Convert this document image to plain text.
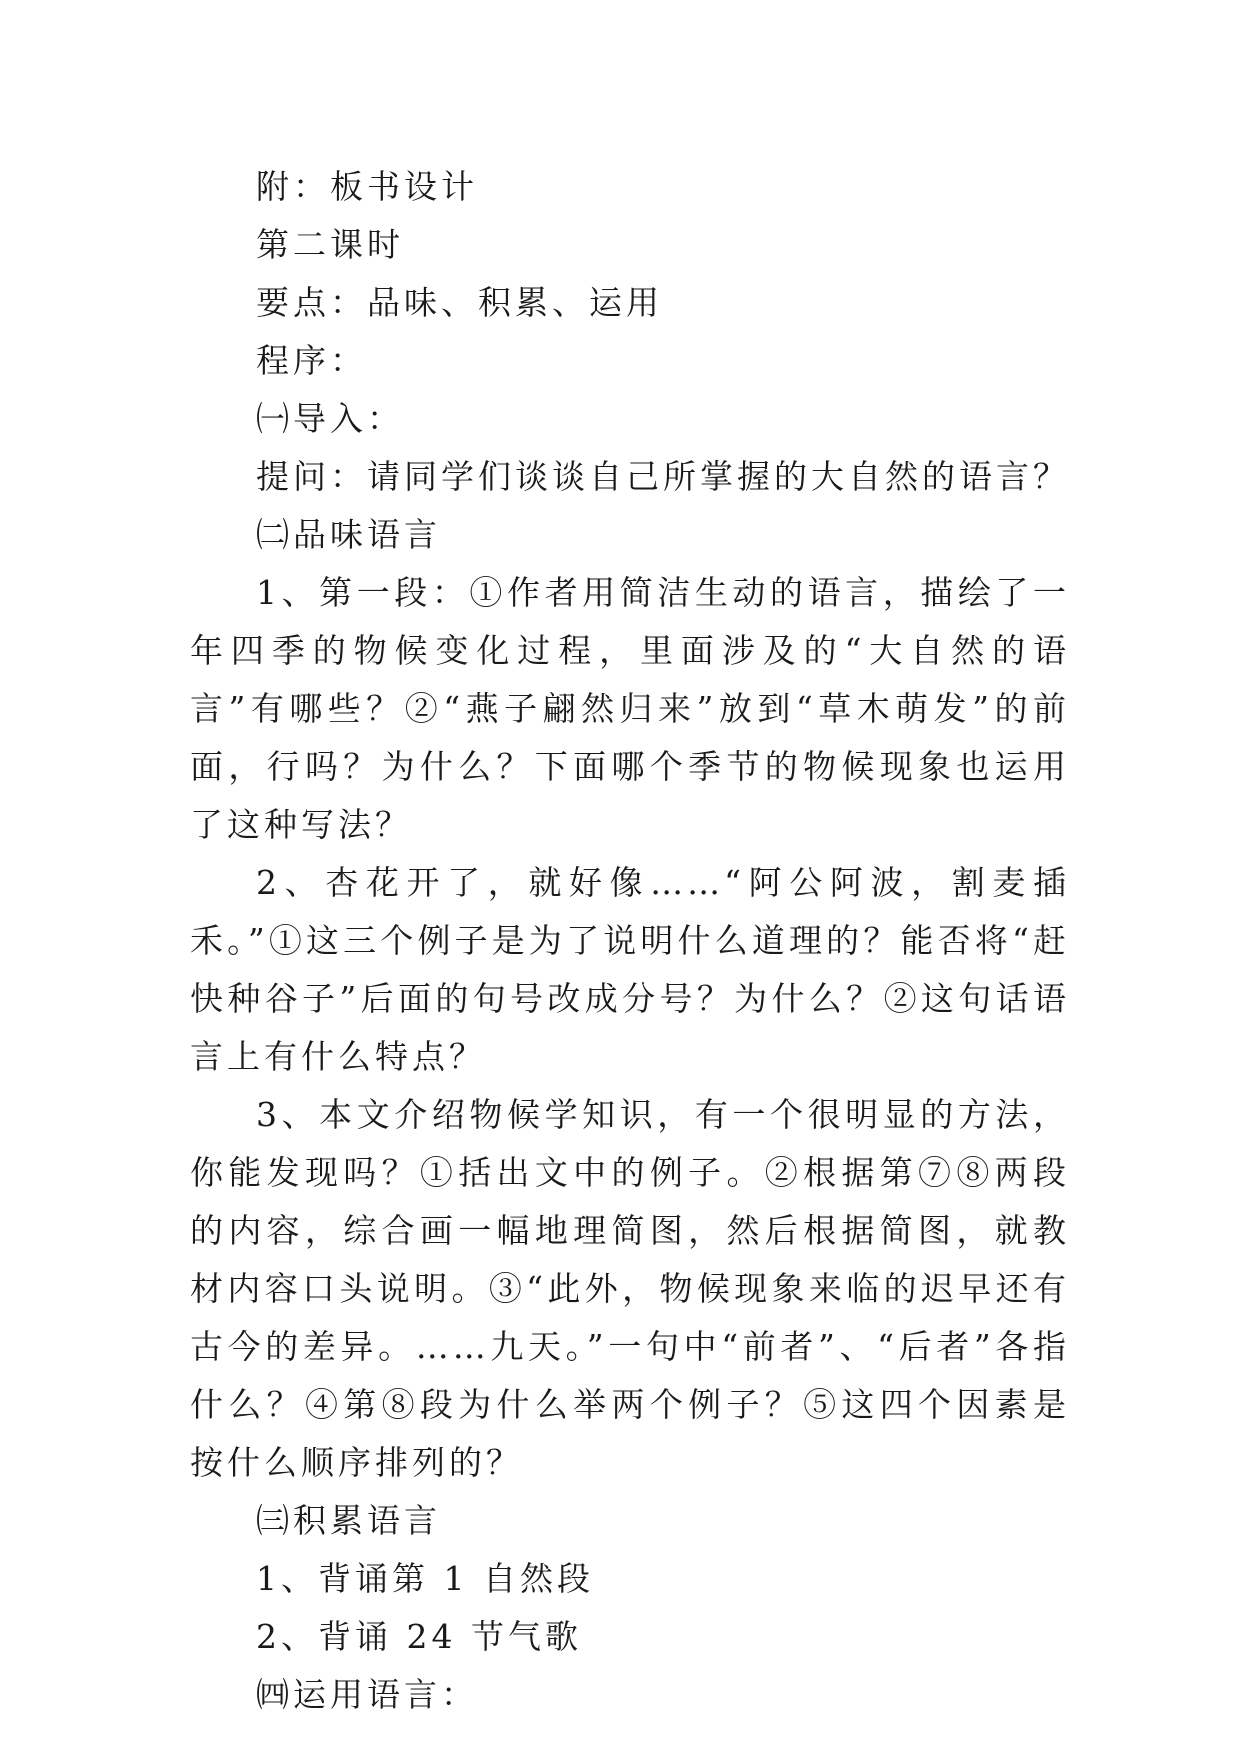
附：板书设计

第二课时

要点：品味、积累、运用

程序：

㈠导入：

提问：请同学们谈谈自己所掌握的大自然的语言？

㈡品味语言

1、第一段：①作者用简洁生动的语言，描绘了一年四季的物候变化过程，里面涉及的“大自然的语言”有哪些？②“燕子翩然归来”放到“草木萌发”的前面，行吗？为什么？下面哪个季节的物候现象也运用了这种写法？

2、杏花开了，就好像……“阿公阿波，割麦插禾。”①这三个例子是为了说明什么道理的？能否将“赶快种谷子”后面的句号改成分号？为什么？②这句话语言上有什么特点？

3、本文介绍物候学知识，有一个很明显的方法，你能发现吗？①括出文中的例子。②根据第⑦⑧两段的内容，综合画一幅地理简图，然后根据简图，就教材内容口头说明。③“此外，物候现象来临的迟早还有古今的差异。……九天。”一句中“前者”、“后者”各指什么？④第⑧段为什么举两个例子？⑤这四个因素是按什么顺序排列的？

㈢积累语言

1、背诵第 1 自然段

2、背诵 24 节气歌

㈣运用语言：
